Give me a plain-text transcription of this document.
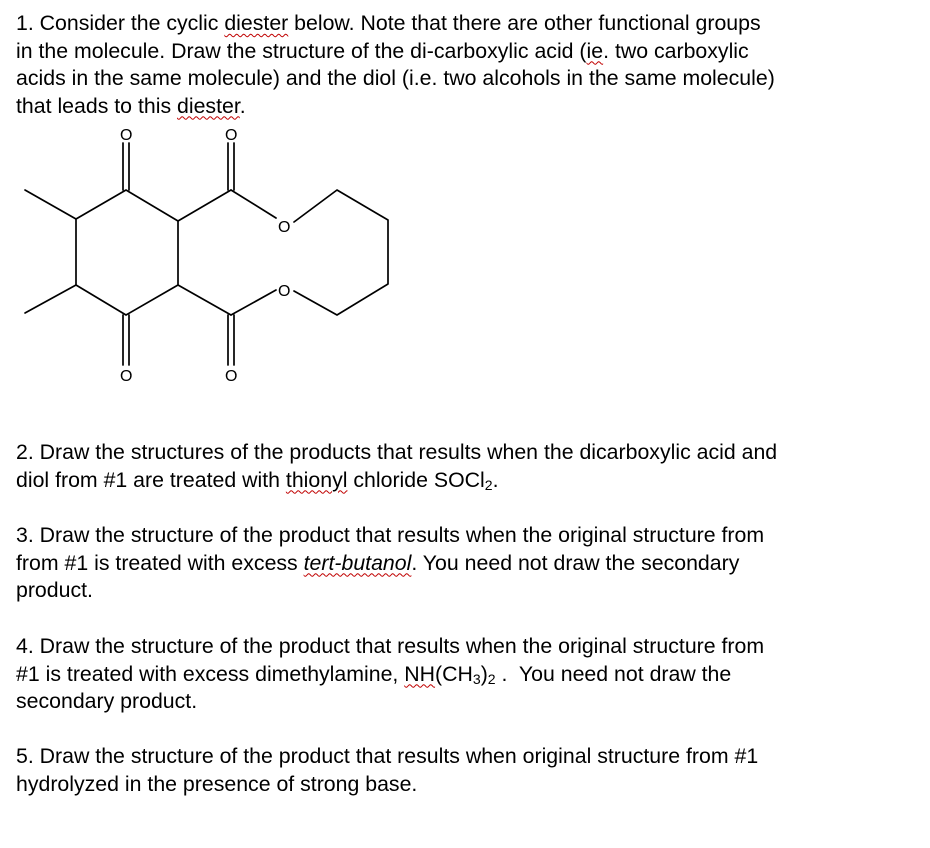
1. Consider the cyclic diester below. Note that there are other functional groups
in the molecule. Draw the structure of the di-carboxylic acid (ie. two carboxylic
acids in the same molecule) and the diol (i.e. two alcohols in the same molecule)
that leads to this diester.
O	O
O
O
O	O
2. Draw the structures of the products that results when the dicarboxylic acid and
diol from #1 are treated with thionyl chloride SOCl$_2$.
3. Draw the structure of the product that results when the original structure from
from #1 is treated with excess tert-butanol. You need not draw the secondary
product.
4. Draw the structure of the product that results when the original structure from
#1 is treated with excess dimethylamine, $NH(CH_3)_2$ .  You need not draw the
secondary product.
5. Draw the structure of the product that results when original structure from #1
hydrolyzed in the presence of strong base.
